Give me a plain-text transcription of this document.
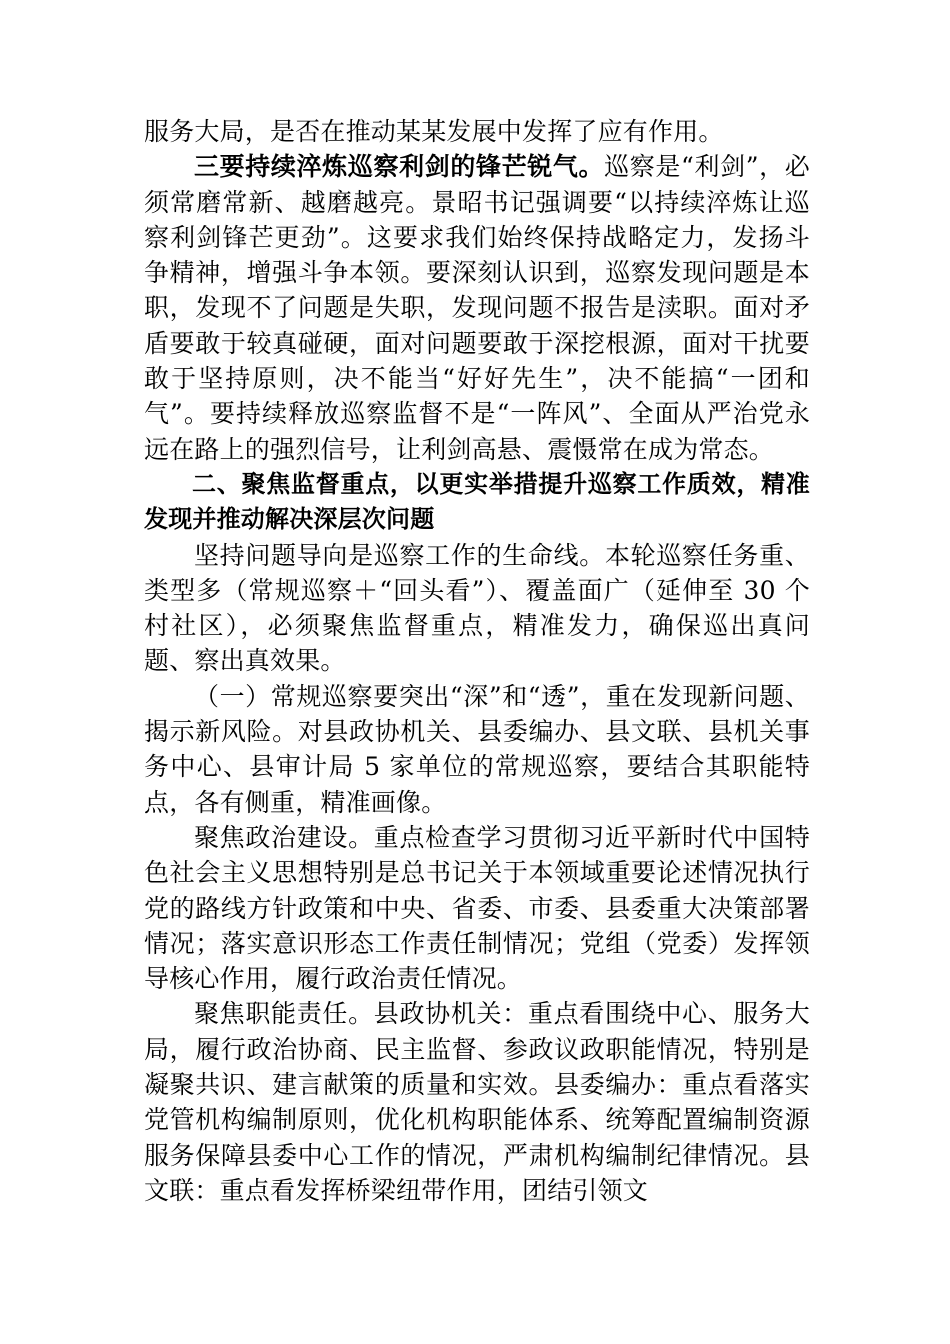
服务大局，是否在推动某某发展中发挥了应有作用。

三要持续淬炼巡察利剑的锋芒锐气。巡察是“利剑”，必须常磨常新、越磨越亮。景昭书记强调要“以持续淬炼让巡察利剑锋芒更劲”。这要求我们始终保持战略定力，发扬斗争精神，增强斗争本领。要深刻认识到，巡察发现问题是本职，发现不了问题是失职，发现问题不报告是渎职。面对矛盾要敢于较真碰硬，面对问题要敢于深挖根源，面对干扰要敢于坚持原则，决不能当“好好先生”，决不能搞“一团和气”。要持续释放巡察监督不是“一阵风”、全面从严治党永远在路上的强烈信号，让利剑高悬、震慑常在成为常态。

二、聚焦监督重点，以更实举措提升巡察工作质效，精准发现并推动解决深层次问题

坚持问题导向是巡察工作的生命线。本轮巡察任务重、类型多（常规巡察＋“回头看”）、覆盖面广（延伸至 30 个村社区），必须聚焦监督重点，精准发力，确保巡出真问题、察出真效果。

（一）常规巡察要突出“深”和“透”，重在发现新问题、揭示新风险。对县政协机关、县委编办、县文联、县机关事务中心、县审计局 5 家单位的常规巡察，要结合其职能特点，各有侧重，精准画像。

聚焦政治建设。重点检查学习贯彻习近平新时代中国特色社会主义思想特别是总书记关于本领域重要论述情况执行党的路线方针政策和中央、省委、市委、县委重大决策部署情况；落实意识形态工作责任制情况；党组（党委）发挥领导核心作用，履行政治责任情况。

聚焦职能责任。县政协机关：重点看围绕中心、服务大局，履行政治协商、民主监督、参政议政职能情况，特别是凝聚共识、建言献策的质量和实效。县委编办：重点看落实党管机构编制原则，优化机构职能体系、统筹配置编制资源服务保障县委中心工作的情况，严肃机构编制纪律情况。县文联：重点看发挥桥梁纽带作用，团结引领文
